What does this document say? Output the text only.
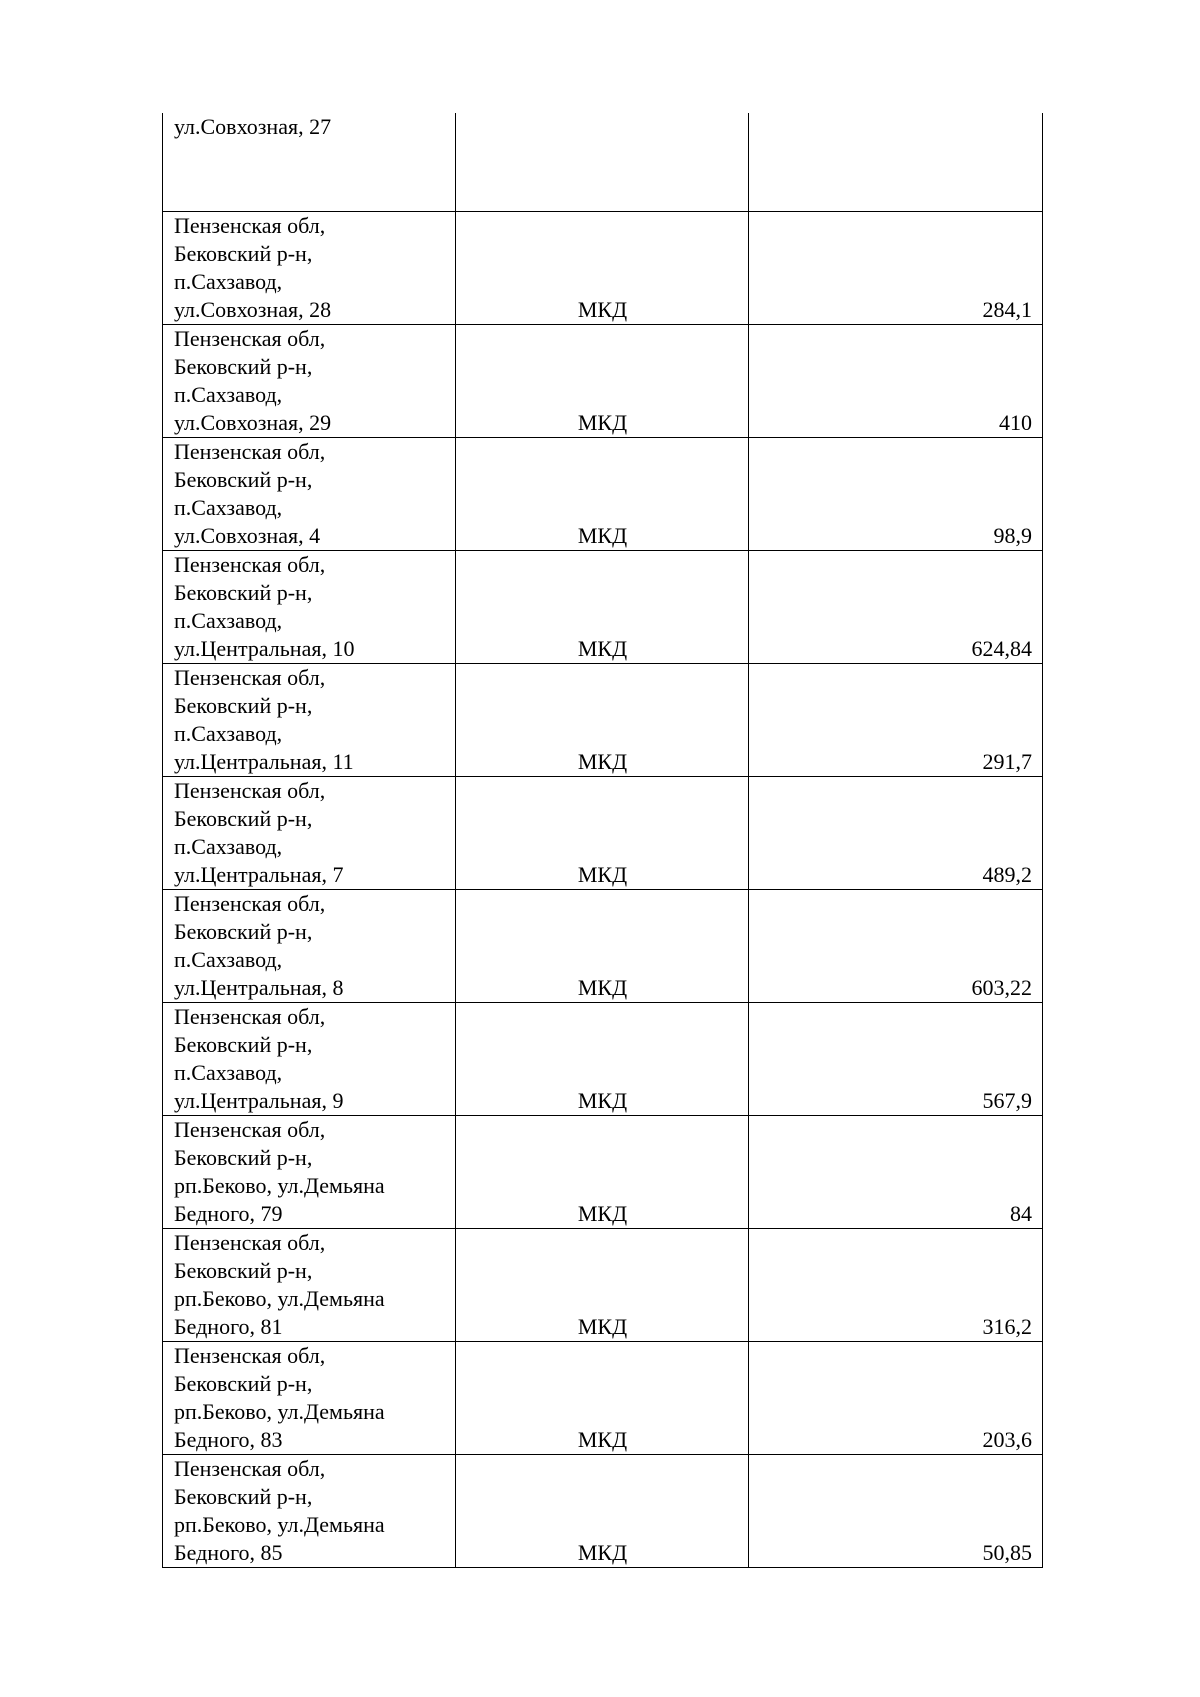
ул.Совхозная, 27		

Пензенская обл,
Бековский р-н,
п.Сахзавод,
ул.Совхозная, 28	МКД	284,1

Пензенская обл,
Бековский р-н,
п.Сахзавод,
ул.Совхозная, 29	МКД	410

Пензенская обл,
Бековский р-н,
п.Сахзавод,
ул.Совхозная, 4	МКД	98,9

Пензенская обл,
Бековский р-н,
п.Сахзавод,
ул.Центральная, 10	МКД	624,84

Пензенская обл,
Бековский р-н,
п.Сахзавод,
ул.Центральная, 11	МКД	291,7

Пензенская обл,
Бековский р-н,
п.Сахзавод,
ул.Центральная, 7	МКД	489,2

Пензенская обл,
Бековский р-н,
п.Сахзавод,
ул.Центральная, 8	МКД	603,22

Пензенская обл,
Бековский р-н,
п.Сахзавод,
ул.Центральная, 9	МКД	567,9

Пензенская обл,
Бековский р-н,
рп.Беково, ул.Демьяна
Бедного, 79	МКД	84

Пензенская обл,
Бековский р-н,
рп.Беково, ул.Демьяна
Бедного, 81	МКД	316,2

Пензенская обл,
Бековский р-н,
рп.Беково, ул.Демьяна
Бедного, 83	МКД	203,6

Пензенская обл,
Бековский р-н,
рп.Беково, ул.Демьяна
Бедного, 85	МКД	50,85
